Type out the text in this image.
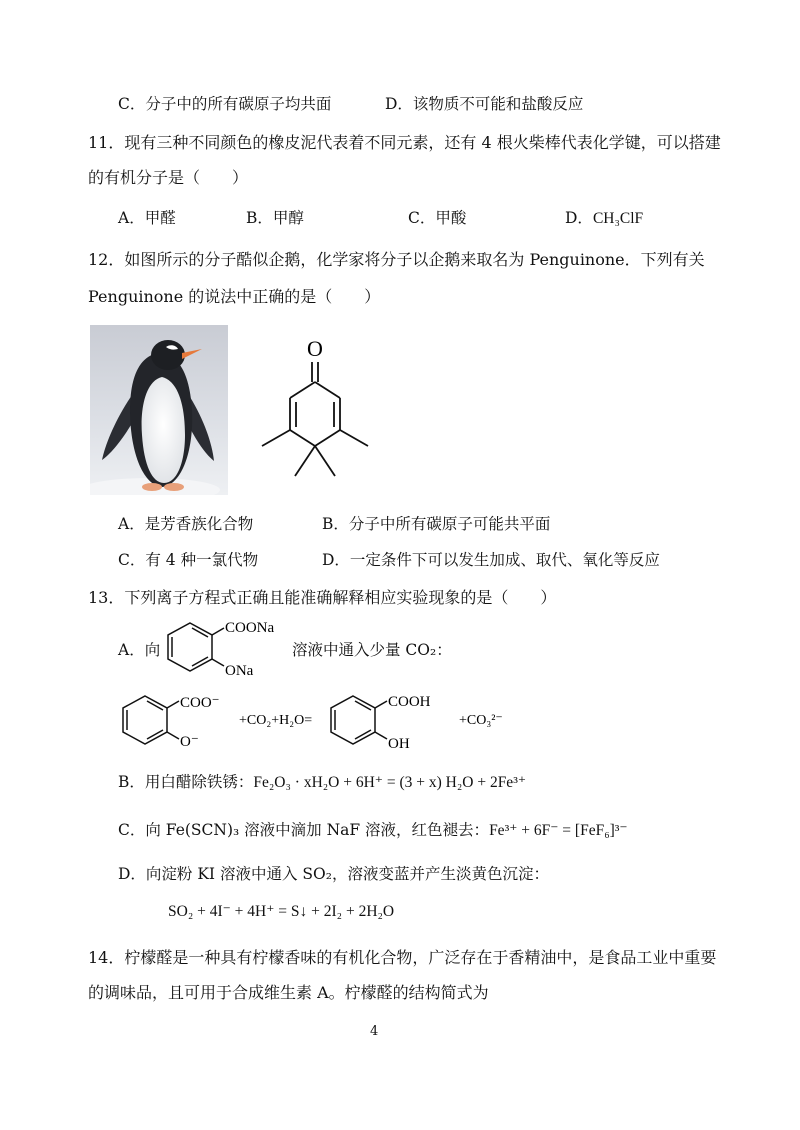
C．分子中的所有碳原子均共面	D．该物质不可能和盐酸反应
11．现有三种不同颜色的橡皮泥代表着不同元素，还有 4 根火柴棒代表化学键，可以搭建
的有机分子是（　　）
A．甲醛	B．甲醇	C．甲酸	D．CH₃ClF
12．如图所示的分子酷似企鹅，化学家将分子以企鹅来取名为 Penguinone．下列有关
Penguinone 的说法中正确的是（　　）
O
A．是芳香族化合物	B．分子中所有碳原子可能共平面
C．有 4 种一氯代物	D．一定条件下可以发生加成、取代、氧化等反应
13．下列离子方程式正确且能准确解释相应实验现象的是（　　）
A．向
COONa
ONa
溶液中通入少量 CO₂：
COO⁻
O⁻
+CO₂+H₂O=
COOH
OH
+CO₃²⁻
B．用白醋除铁锈：Fe₂O₃ · xH₂O + 6H⁺ = (3 + x) H₂O + 2Fe³⁺
C．向 Fe(SCN)₃ 溶液中滴加 NaF 溶液，红色褪去：Fe³⁺ + 6F⁻ = [FeF₆]³⁻
D．向淀粉 KI 溶液中通入 SO₂，溶液变蓝并产生淡黄色沉淀：
SO₂ + 4I⁻ + 4H⁺ = S↓ + 2I₂ + 2H₂O
14．柠檬醛是一种具有柠檬香味的有机化合物，广泛存在于香精油中，是食品工业中重要
的调味品，且可用于合成维生素 A。柠檬醛的结构简式为
4
